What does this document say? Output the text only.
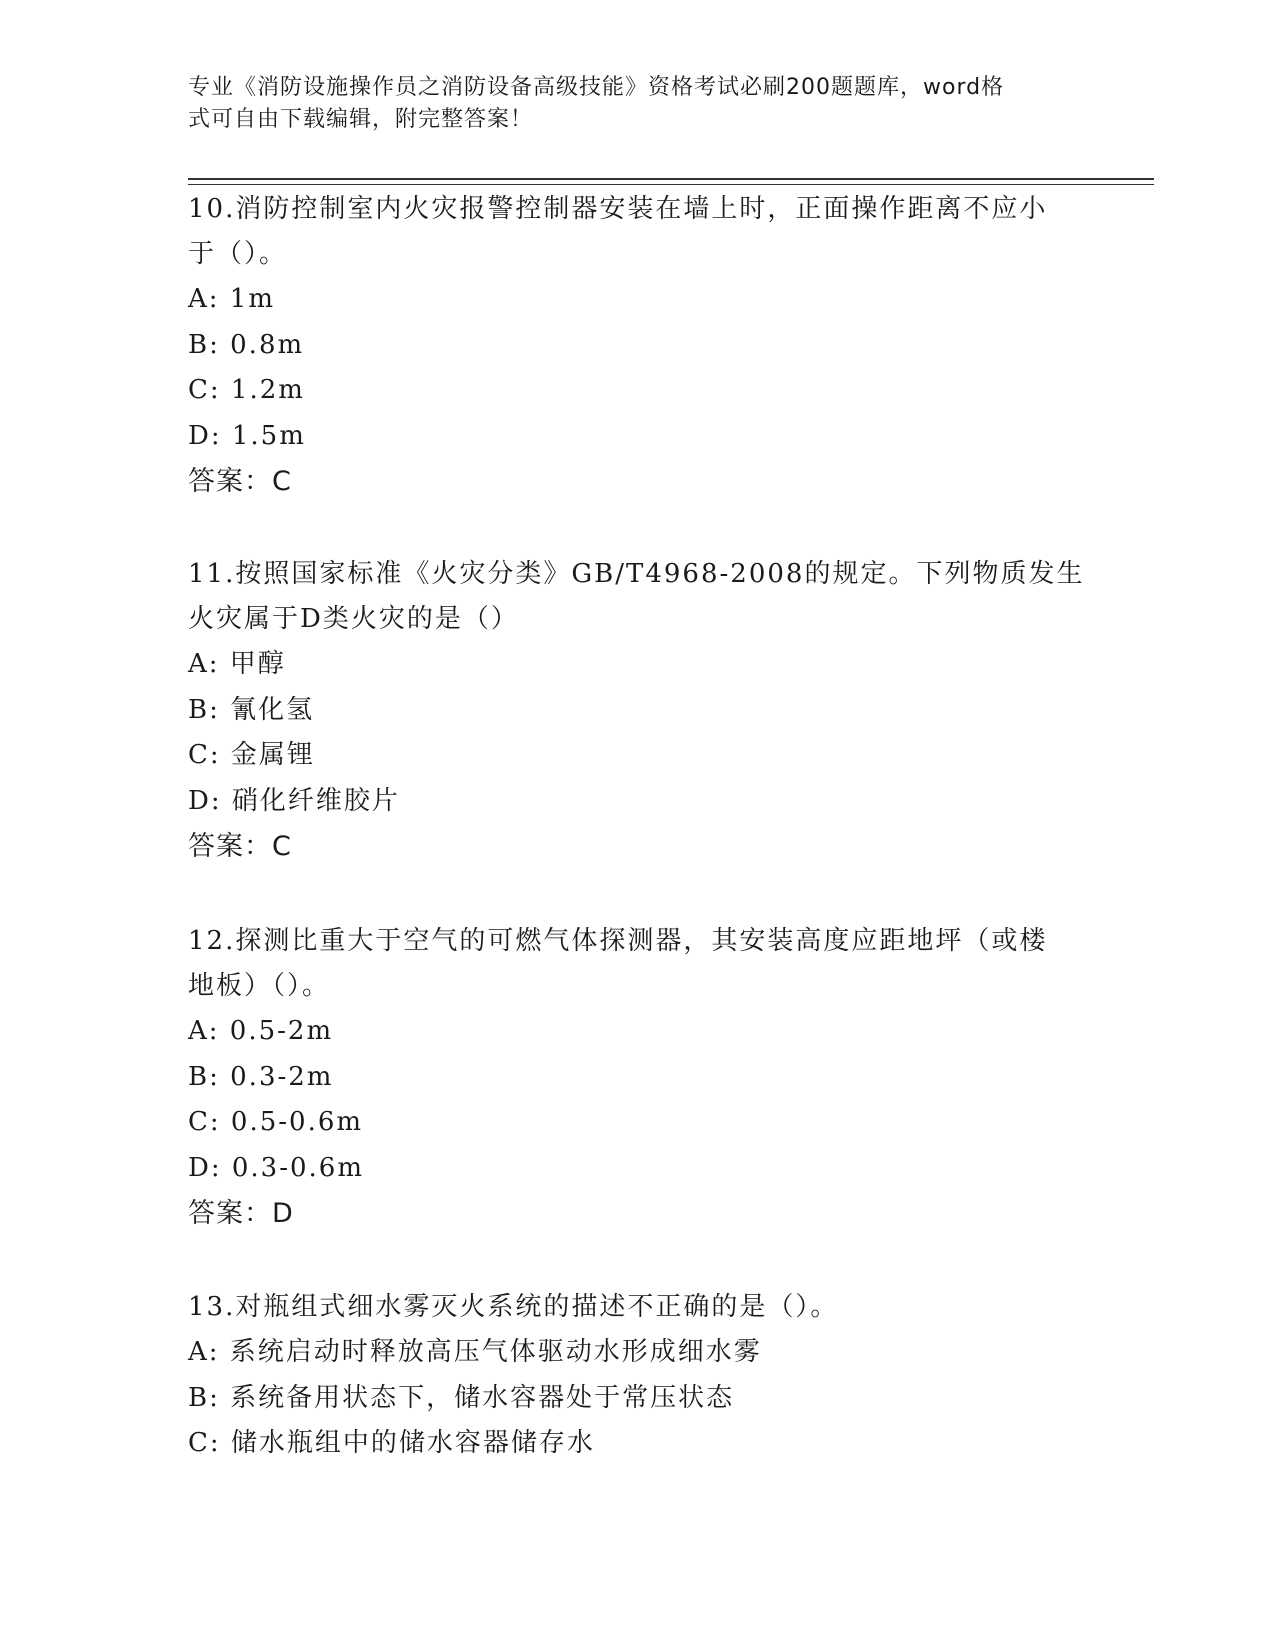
专业《消防设施操作员之消防设备高级技能》资格考试必刷200题题库，word格
式可自由下载编辑，附完整答案！

10.消防控制室内火灾报警控制器安装在墙上时，正面操作距离不应小

于（）。

A: 1m

B: 0.8m

C: 1.2m

D: 1.5m

答案：C

11.按照国家标准《火灾分类》GB/T4968-2008的规定。下列物质发生

火灾属于D类火灾的是（）

A: 甲醇

B: 氰化氢

C: 金属锂

D: 硝化纤维胶片

答案：C

12.探测比重大于空气的可燃气体探测器，其安装高度应距地坪（或楼

地板）（）。

A: 0.5-2m

B: 0.3-2m

C: 0.5-0.6m

D: 0.3-0.6m

答案：D

13.对瓶组式细水雾灭火系统的描述不正确的是（）。

A: 系统启动时释放高压气体驱动水形成细水雾

B: 系统备用状态下，储水容器处于常压状态

C: 储水瓶组中的储水容器储存水
